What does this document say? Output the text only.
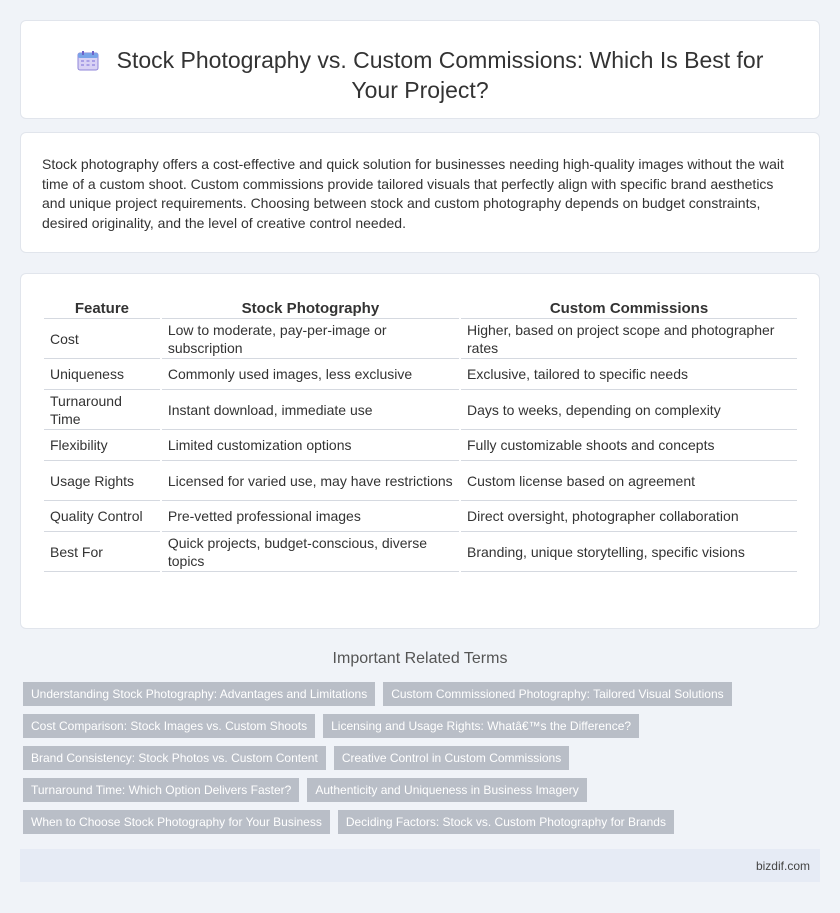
Stock Photography vs. Custom Commissions: Which Is Best for Your Project?

Stock photography offers a cost-effective and quick solution for businesses needing high-quality images without the wait time of a custom shoot. Custom commissions provide tailored visuals that perfectly align with specific brand aesthetics and unique project requirements. Choosing between stock and custom photography depends on budget constraints, desired originality, and the level of creative control needed.

Feature	Stock Photography	Custom Commissions
Cost	Low to moderate, pay-per-image or subscription	Higher, based on project scope and photographer rates
Uniqueness	Commonly used images, less exclusive	Exclusive, tailored to specific needs
Turnaround Time	Instant download, immediate use	Days to weeks, depending on complexity
Flexibility	Limited customization options	Fully customizable shoots and concepts
Usage Rights	Licensed for varied use, may have restrictions	Custom license based on agreement
Quality Control	Pre-vetted professional images	Direct oversight, photographer collaboration
Best For	Quick projects, budget-conscious, diverse topics	Branding, unique storytelling, specific visions
Important Related Terms
Understanding Stock Photography: Advantages and Limitations	Custom Commissioned Photography: Tailored Visual Solutions
Cost Comparison: Stock Images vs. Custom Shoots	Licensing and Usage Rights: Whatâ€™s the Difference?
Brand Consistency: Stock Photos vs. Custom Content	Creative Control in Custom Commissions
Turnaround Time: Which Option Delivers Faster?	Authenticity and Uniqueness in Business Imagery
When to Choose Stock Photography for Your Business	Deciding Factors: Stock vs. Custom Photography for Brands
bizdif.com
